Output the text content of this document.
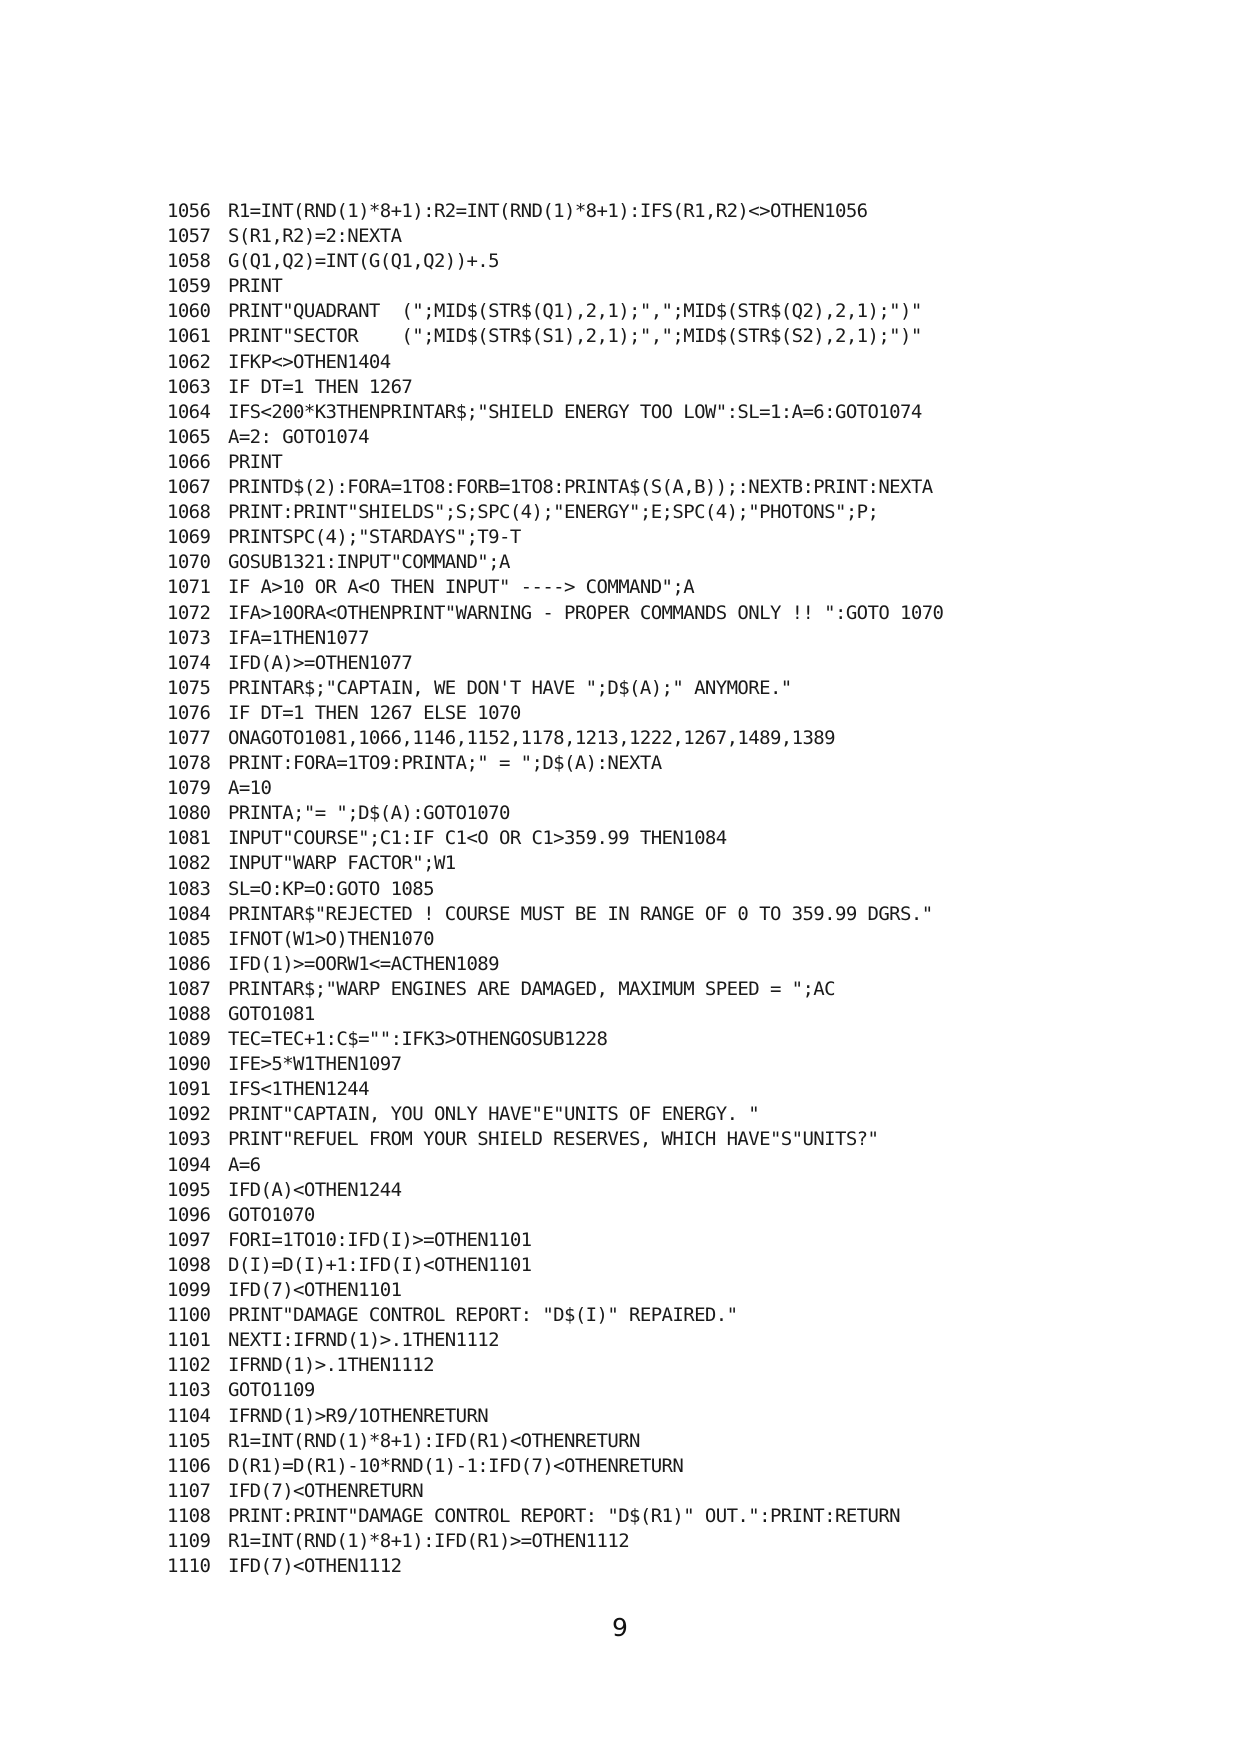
1056 R1=INT(RND(1)*8+1):R2=INT(RND(1)*8+1):IFS(R1,R2)<>OTHEN1056
1057 S(R1,R2)=2:NEXTA
1058 G(Q1,Q2)=INT(G(Q1,Q2))+.5
1059 PRINT
1060 PRINT"QUADRANT  (";MID$(STR$(Q1),2,1);",";MID$(STR$(Q2),2,1);")"
1061 PRINT"SECTOR    (";MID$(STR$(S1),2,1);",";MID$(STR$(S2),2,1);")"
1062 IFKP<>OTHEN1404
1063 IF DT=1 THEN 1267
1064 IFS<200*K3THENPRINTAR$;"SHIELD ENERGY TOO LOW":SL=1:A=6:GOTO1074
1065 A=2: GOTO1074
1066 PRINT
1067 PRINTD$(2):FORA=1TO8:FORB=1TO8:PRINTA$(S(A,B));:NEXTB:PRINT:NEXTA
1068 PRINT:PRINT"SHIELDS";S;SPC(4);"ENERGY";E;SPC(4);"PHOTONS";P;
1069 PRINTSPC(4);"STARDAYS";T9-T
1070 GOSUB1321:INPUT"COMMAND";A
1071 IF A>10 OR A<O THEN INPUT" ----> COMMAND";A
1072 IFA>10ORA<OTHENPRINT"WARNING - PROPER COMMANDS ONLY !! ":GOTO 1070
1073 IFA=1THEN1077
1074 IFD(A)>=OTHEN1077
1075 PRINTAR$;"CAPTAIN, WE DON'T HAVE ";D$(A);" ANYMORE."
1076 IF DT=1 THEN 1267 ELSE 1070
1077 ONAGOTO1081,1066,1146,1152,1178,1213,1222,1267,1489,1389
1078 PRINT:FORA=1TO9:PRINTA;" = ";D$(A):NEXTA
1079 A=10
1080 PRINTA;"= ";D$(A):GOTO1070
1081 INPUT"COURSE";C1:IF C1<O OR C1>359.99 THEN1084
1082 INPUT"WARP FACTOR";W1
1083 SL=O:KP=O:GOTO 1085
1084 PRINTAR$"REJECTED ! COURSE MUST BE IN RANGE OF 0 TO 359.99 DGRS."
1085 IFNOT(W1>O)THEN1070
1086 IFD(1)>=OORW1<=ACTHEN1089
1087 PRINTAR$;"WARP ENGINES ARE DAMAGED, MAXIMUM SPEED = ";AC
1088 GOTO1081
1089 TEC=TEC+1:C$="":IFK3>OTHENGOSUB1228
1090 IFE>5*W1THEN1097
1091 IFS<1THEN1244
1092 PRINT"CAPTAIN, YOU ONLY HAVE"E"UNITS OF ENERGY. "
1093 PRINT"REFUEL FROM YOUR SHIELD RESERVES, WHICH HAVE"S"UNITS?"
1094 A=6
1095 IFD(A)<OTHEN1244
1096 GOTO1070
1097 FORI=1TO10:IFD(I)>=OTHEN1101
1098 D(I)=D(I)+1:IFD(I)<OTHEN1101
1099 IFD(7)<OTHEN1101
1100 PRINT"DAMAGE CONTROL REPORT: "D$(I)" REPAIRED."
1101 NEXTI:IFRND(1)>.1THEN1112
1102 IFRND(1)>.1THEN1112
1103 GOTO1109
1104 IFRND(1)>R9/1OTHENRETURN
1105 R1=INT(RND(1)*8+1):IFD(R1)<OTHENRETURN
1106 D(R1)=D(R1)-10*RND(1)-1:IFD(7)<OTHENRETURN
1107 IFD(7)<OTHENRETURN
1108 PRINT:PRINT"DAMAGE CONTROL REPORT: "D$(R1)" OUT.":PRINT:RETURN
1109 R1=INT(RND(1)*8+1):IFD(R1)>=OTHEN1112
1110 IFD(7)<OTHEN1112
9
